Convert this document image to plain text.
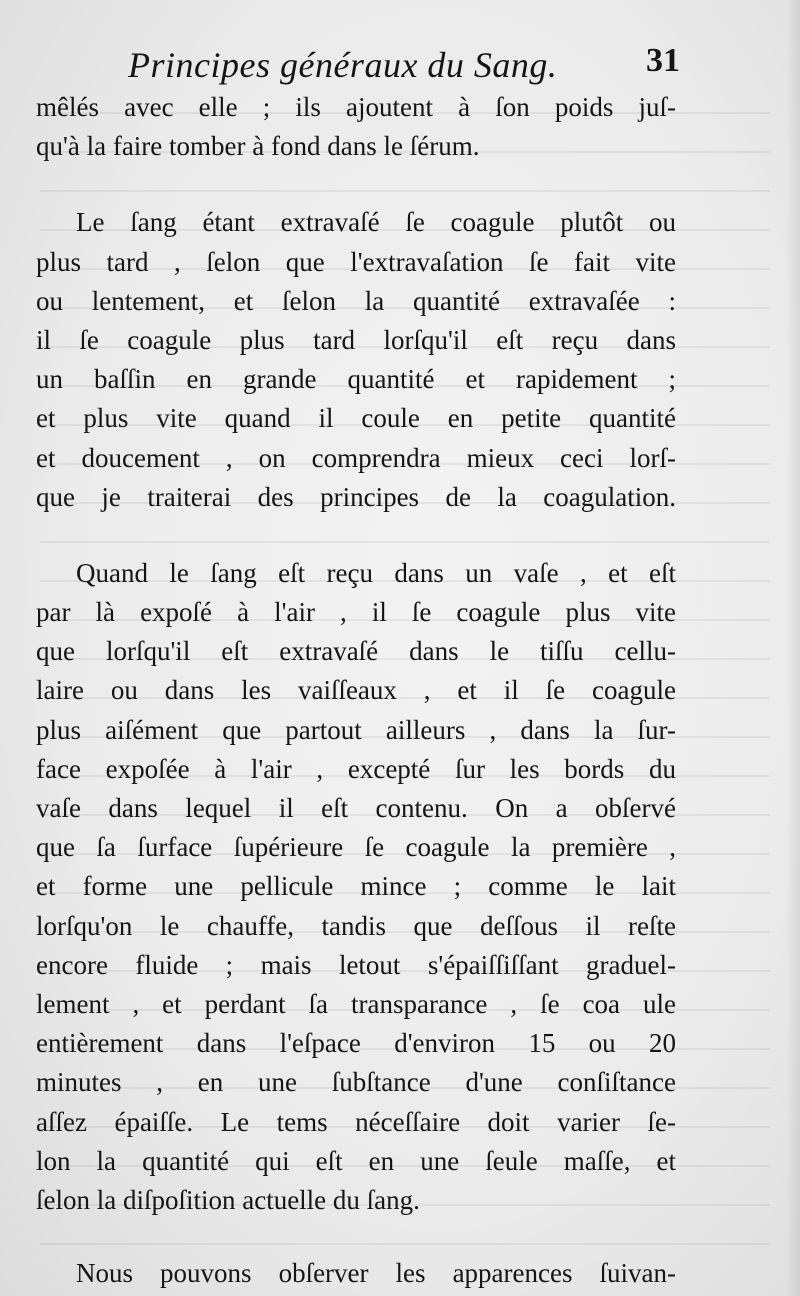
Principes généraux du Sang.	31
mêlés avec elle ; ils ajoutent à ſon poids juſ-
qu'à la faire tomber à fond dans le ſérum.
Le ſang étant extravaſé ſe coagule plutôt ou
plus tard , ſelon que l'extravaſation ſe fait vite
ou lentement, et ſelon la quantité extravaſée :
il ſe coagule plus tard lorſqu'il eſt reçu dans
un baſſin en grande quantité et rapidement ;
et plus vite quand il coule en petite quantité
et doucement , on comprendra mieux ceci lorſ-
que je traiterai des principes de la coagulation.
Quand le ſang eſt reçu dans un vaſe , et eſt
par là expoſé à l'air , il ſe coagule plus vite
que lorſqu'il eſt extravaſé dans le tiſſu cellu-
laire ou dans les vaiſſeaux , et il ſe coagule
plus aiſément que partout ailleurs , dans la ſur-
face expoſée à l'air , excepté ſur les bords du
vaſe dans lequel il eſt contenu. On a obſervé
que ſa ſurface ſupérieure ſe coagule la première ,
et forme une pellicule mince ; comme le lait
lorſqu'on le chauffe, tandis que deſſous il reſte
encore fluide ; mais letout s'épaiſſiſſant graduel-
lement , et perdant ſa transparance , ſe coa ule
entièrement dans l'eſpace d'environ 15 ou 20
minutes , en une ſubſtance d'une conſiſtance
aſſez épaiſſe. Le tems néceſſaire doit varier ſe-
lon la quantité qui eſt en une ſeule maſſe, et
ſelon la diſpoſition actuelle du ſang.
Nous pouvons obſerver les apparences ſuivan-
